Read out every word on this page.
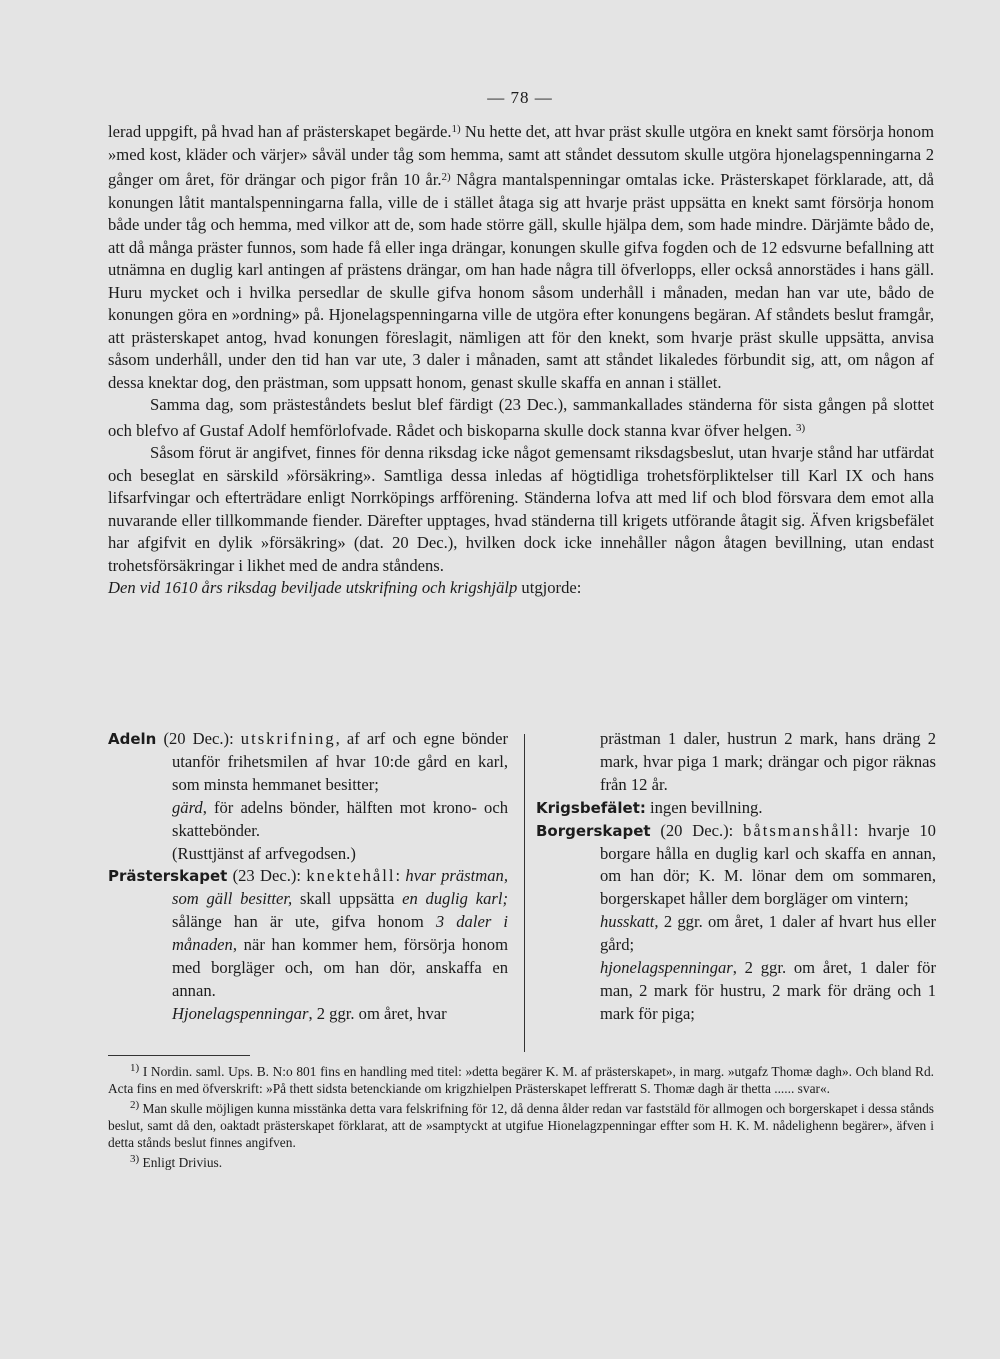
— 78 —

lerad uppgift, på hvad han af prästerskapet begärde.$^{1)}$ Nu hette det, att hvar präst skulle utgöra en knekt samt försörja honom »med kost, kläder och värjer» såväl under tåg som hemma, samt att ståndet dessutom skulle utgöra hjonelagspenningarna 2 gånger om året, för drängar och pigor från 10 år.$^{2)}$ Några mantalspenningar omtalas icke. Prästerskapet förklarade, att, då konungen låtit mantalspenningarna falla, ville de i stället åtaga sig att hvarje präst uppsätta en knekt samt försörja honom både under tåg och hemma, med vilkor att de, som hade större gäll, skulle hjälpa dem, som hade mindre. Därjämte bådo de, att då många präster funnos, som hade få eller inga drängar, konungen skulle gifva fogden och de 12 edsvurne befallning att utnämna en duglig karl antingen af prästens drängar, om han hade några till öfverlopps, eller också annorstädes i hans gäll. Huru mycket och i hvilka persedlar de skulle gifva honom såsom underhåll i månaden, medan han var ute, bådo de konungen göra en »ordning» på. Hjonelagspenningarna ville de utgöra efter konungens begäran. Af ståndets beslut framgår, att prästerskapet antog, hvad konungen föreslagit, nämligen att för den knekt, som hvarje präst skulle uppsätta, anvisa såsom underhåll, under den tid han var ute, 3 daler i månaden, samt att ståndet likaledes förbundit sig, att, om någon af dessa knektar dog, den prästman, som uppsatt honom, genast skulle skaffa en annan i stället.

Samma dag, som prästeståndets beslut blef färdigt (23 Dec.), sammankallades ständerna för sista gången på slottet och blefvo af Gustaf Adolf hemförlofvade. Rådet och biskoparna skulle dock stanna kvar öfver helgen. $^{3)}$

Såsom förut är angifvet, finnes för denna riksdag icke något gemensamt riksdagsbeslut, utan hvarje stånd har utfärdat och beseglat en särskild »försäkring». Samtliga dessa inledas af högtidliga trohetsförpliktelser till Karl IX och hans lifsarfvingar och efterträdare enligt Norrköpings arfförening. Ständerna lofva att med lif och blod försvara dem emot alla nuvarande eller tillkommande fiender. Därefter upptages, hvad ständerna till krigets utförande åtagit sig. Äfven krigsbefälet har afgifvit en dylik »försäkring» (dat. 20 Dec.), hvilken dock icke innehåller någon åtagen bevillning, utan endast trohetsförsäkringar i likhet med de andra ståndens.

Den vid 1610 års riksdag beviljade utskrifning och krigshjälp utgjorde:

Adeln (20 Dec.): utskrifning, af arf och egne bönder utanför frihetsmilen af hvar 10:de gård en karl, som minsta hemmanet besitter;

gärd, för adelns bönder, hälften mot krono- och skattebönder.

(Rusttjänst af arfvegodsen.)

Prästerskapet (23 Dec.): knektehåll: hvar prästman, som gäll besitter, skall uppsätta en duglig karl; sålänge han är ute, gifva honom 3 daler i månaden, när han kommer hem, försörja honom med borgläger och, om han dör, anskaffa en annan.

Hjonelagspenningar, 2 ggr. om året, hvar

prästman 1 daler, hustrun 2 mark, hans dräng 2 mark, hvar piga 1 mark; drängar och pigor räknas från 12 år.

Krigsbefälet: ingen bevillning.

Borgerskapet (20 Dec.): båtsmanshåll: hvarje 10 borgare hålla en duglig karl och skaffa en annan, om han dör; K. M. lönar dem om sommaren, borgerskapet håller dem borgläger om vintern;

husskatt, 2 ggr. om året, 1 daler af hvart hus eller gård;

hjonelagspenningar, 2 ggr. om året, 1 daler för man, 2 mark för hustru, 2 mark för dräng och 1 mark för piga;

$^{1)}$ I Nordin. saml. Ups. B. N:o 801 fins en handling med titel: »detta begärer K. M. af prästerskapet», in marg. »utgafz Thomæ dagh». Och bland Rd. Acta fins en med öfverskrift: »På thett sidsta betenckiande om krigzhielpen Prästerskapet leffreratt S. Thomæ dagh är thetta ...... svar«.

$^{2)}$ Man skulle möjligen kunna misstänka detta vara felskrifning för 12, då denna ålder redan var faststäld för allmogen och borgerskapet i dessa stånds beslut, samt då den, oaktadt prästerskapet förklarat, att de »samptyckt at utgifue Hionelagzpenningar effter som H. K. M. nådelighenn begärer», äfven i detta stånds beslut finnes angifven.

$^{3)}$ Enligt Drivius.
